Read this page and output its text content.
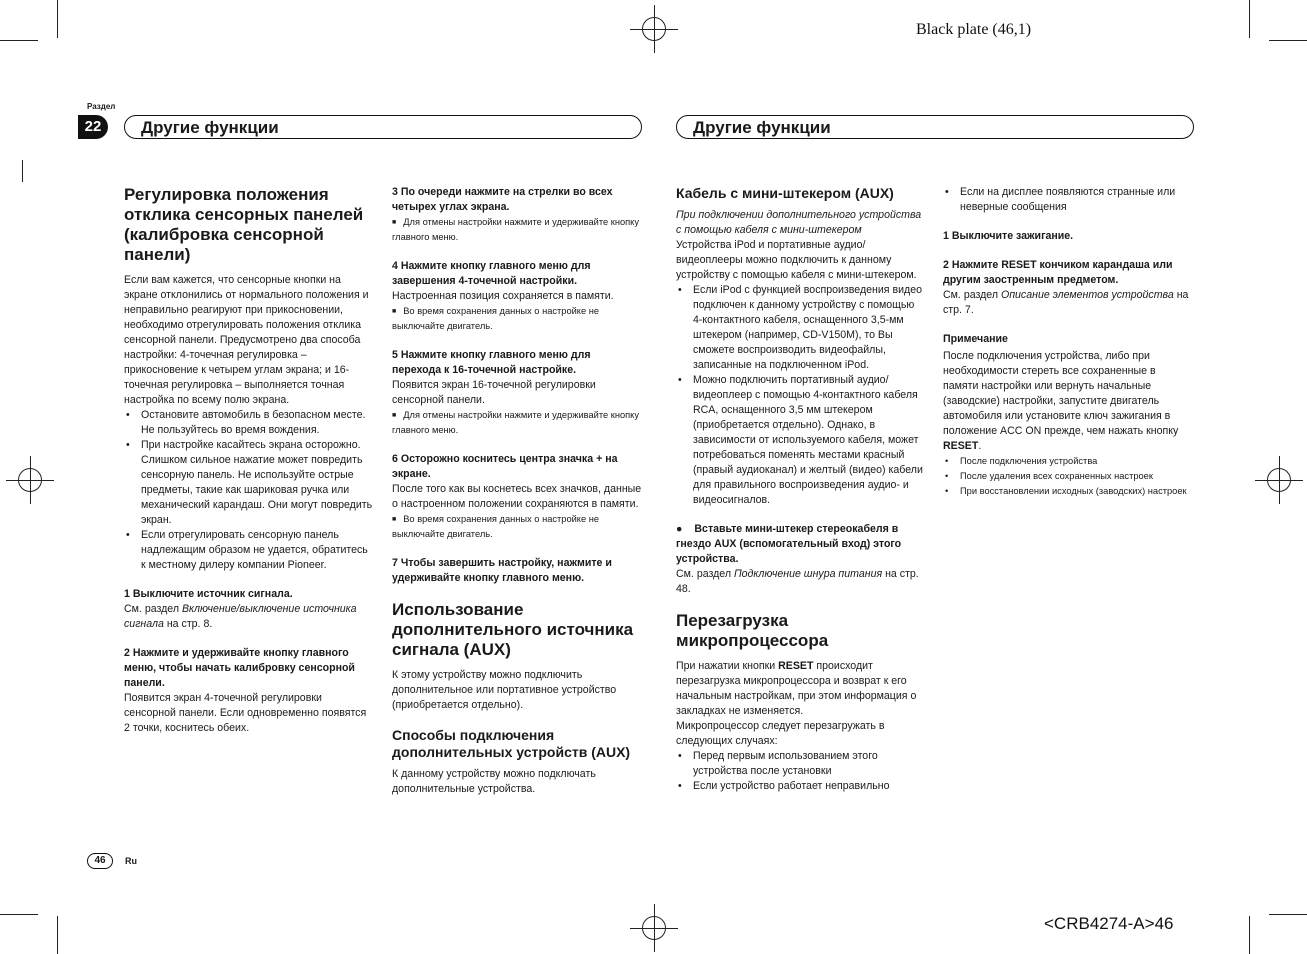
Black plate (46,1)
Раздел
22	Другие функции	Другие функции
Регулировка положения отклика сенсорных панелей (калибровка сенсорной панели)

Если вам кажется, что сенсорные кнопки на экране отклонились от нормального положения и неправильно реагируют при прикосновении, необходимо отрегулировать положения отклика сенсорной панели. Предусмотрено два способа настройки: 4-точечная регулировка – прикосновение к четырем углам экрана; и 16-точечная регулировка – выполняется точная настройка по всему полю экрана.

• Остановите автомобиль в безопасном месте. Не пользуйтесь во время вождения.
• При настройке касайтесь экрана осторожно. Слишком сильное нажатие может повредить сенсорную панель. Не используйте острые предметы, такие как шариковая ручка или механический карандаш. Они могут повредить экран.
• Если отрегулировать сенсорную панель надлежащим образом не удается, обратитесь к местному дилеру компании Pioneer.

1 Выключите источник сигнала.

См. раздел Включение/выключение источника сигнала на стр. 8.

2 Нажмите и удерживайте кнопку главного меню, чтобы начать калибровку сенсорной панели.

Появится экран 4-точечной регулировки сенсорной панели. Если одновременно появятся 2 точки, коснитесь обеих.

3 По очереди нажмите на стрелки во всех четырех углах экрана.

■ Для отмены настройки нажмите и удерживайте кнопку главного меню.

4 Нажмите кнопку главного меню для завершения 4-точечной настройки.

Настроенная позиция сохраняется в памяти.

■ Во время сохранения данных о настройке не выключайте двигатель.

5 Нажмите кнопку главного меню для перехода к 16-точечной настройке.

Появится экран 16-точечной регулировки сенсорной панели.

■ Для отмены настройки нажмите и удерживайте кнопку главного меню.

6 Осторожно коснитесь центра значка + на экране.

После того как вы коснетесь всех значков, данные о настроенном положении сохраняются в памяти.

■ Во время сохранения данных о настройке не выключайте двигатель.

7 Чтобы завершить настройку, нажмите и удерживайте кнопку главного меню.

Использование дополнительного источника сигнала (AUX)

К этому устройству можно подключить дополнительное или портативное устройство (приобретается отдельно).

Способы подключения дополнительных устройств (AUX)

К данному устройству можно подключать дополнительные устройства.

Кабель с мини-штекером (AUX)

При подключении дополнительного устройства с помощью кабеля с мини-штекером

Устройства iPod и портативные аудио/видеоплееры можно подключить к данному устройству с помощью кабеля с мини-штекером.

• Если iPod с функцией воспроизведения видео подключен к данному устройству с помощью 4-контактного кабеля, оснащенного 3,5-мм штекером (например, CD-V150M), то Вы сможете воспроизводить видеофайлы, записанные на подключенном iPod.
• Можно подключить портативный аудио/видеоплеер с помощью 4-контактного кабеля RCA, оснащенного 3,5 мм штекером (приобретается отдельно). Однако, в зависимости от используемого кабеля, может потребоваться поменять местами красный (правый аудиоканал) и желтый (видео) кабели для правильного воспроизведения аудио- и видеосигналов.

● Вставьте мини-штекер стереокабеля в гнездо AUX (вспомогательный вход) этого устройства.

См. раздел Подключение шнура питания на стр. 48.

Перезагрузка микропроцессора

При нажатии кнопки RESET происходит перезагрузка микропроцессора и возврат к его начальным настройкам, при этом информация о закладках не изменяется.

Микропроцессор следует перезагружать в следующих случаях:

• Перед первым использованием этого устройства после установки
• Если устройство работает неправильно
• Если на дисплее появляются странные или неверные сообщения

1 Выключите зажигание.

2 Нажмите RESET кончиком карандаша или другим заостренным предметом.

См. раздел Описание элементов устройства на стр. 7.

Примечание

После подключения устройства, либо при необходимости стереть все сохраненные в памяти настройки или вернуть начальные (заводские) настройки, запустите двигатель автомобиля или установите ключ зажигания в положение ACC ON прежде, чем нажать кнопку RESET.

• После подключения устройства
• После удаления всех сохраненных настроек
• При восстановлении исходных (заводских) настроек
46	Ru
<CRB4274-A>46
